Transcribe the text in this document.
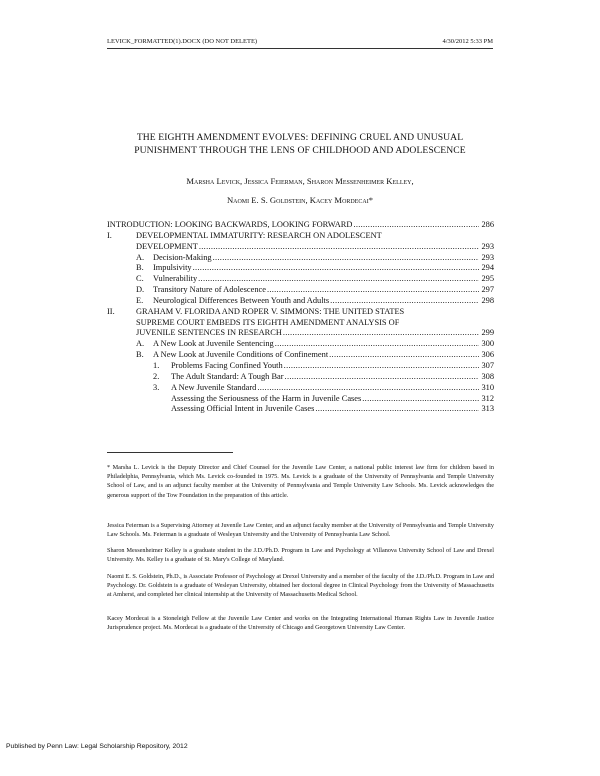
LEVICK_FORMATTED(1).DOCX (DO NOT DELETE)	4/30/2012 5:33 PM
THE EIGHTH AMENDMENT EVOLVES: DEFINING CRUEL AND UNUSUAL
PUNISHMENT THROUGH THE LENS OF CHILDHOOD AND ADOLESCENCE
Marsha Levick, Jessica Feierman, Sharon Messenheimer Kelley,
Naomi E. S. Goldstein, Kacey Mordecai*
INTRODUCTION: LOOKING BACKWARDS, LOOKING FORWARD .....	286
I.	DEVELOPMENTAL IMMATURITY: RESEARCH ON ADOLESCENT
DEVELOPMENT .....	293
A.	Decision-Making .....	293
B.	Impulsivity .....	294
C.	Vulnerability .....	295
D.	Transitory Nature of Adolescence .....	297
E.	Neurological Differences Between Youth and Adults .....	298
II.	GRAHAM V. FLORIDA AND ROPER V. SIMMONS: THE UNITED STATES
SUPREME COURT EMBEDS ITS EIGHTH AMENDMENT ANALYSIS OF
JUVENILE SENTENCES IN RESEARCH .....	299
A.	A New Look at Juvenile Sentencing .....	300
B.	A New Look at Juvenile Conditions of Confinement .....	306
1.	Problems Facing Confined Youth .....	307
2.	The Adult Standard: A Tough Bar .....	308
3.	A New Juvenile Standard .....	310
Assessing the Seriousness of the Harm in Juvenile Cases .....	312
Assessing Official Intent in Juvenile Cases .....	313
* Marsha L. Levick is the Deputy Director and Chief Counsel for the Juvenile Law Center, a national public interest law firm for children based in Philadelphia, Pennsylvania, which Ms. Levick co-founded in 1975. Ms. Levick is a graduate of the University of Pennsylvania and Temple University School of Law, and is an adjunct faculty member at the University of Pennsylvania and Temple University Law Schools. Ms. Levick acknowledges the generous support of the Tow Foundation in the preparation of this article.
Jessica Feierman is a Supervising Attorney at Juvenile Law Center, and an adjunct faculty member at the University of Pennsylvania and Temple University Law Schools. Ms. Feierman is a graduate of Wesleyan University and the University of Pennsylvania Law School.
Sharon Messenheimer Kelley is a graduate student in the J.D./Ph.D. Program in Law and Psychology at Villanova University School of Law and Drexel University. Ms. Kelley is a graduate of St. Mary's College of Maryland.
Naomi E. S. Goldstein, Ph.D., is Associate Professor of Psychology at Drexel University and a member of the faculty of the J.D./Ph.D. Program in Law and Psychology. Dr. Goldstein is a graduate of Wesleyan University, obtained her doctoral degree in Clinical Psychology from the University of Massachusetts at Amherst, and completed her clinical internship at the University of Massachusetts Medical School.
Kacey Mordecai is a Stoneleigh Fellow at the Juvenile Law Center and works on the Integrating International Human Rights Law in Juvenile Justice Jurisprudence project. Ms. Mordecai is a graduate of the University of Chicago and Georgetown University Law Center.
Published by Penn Law: Legal Scholarship Repository, 2012
